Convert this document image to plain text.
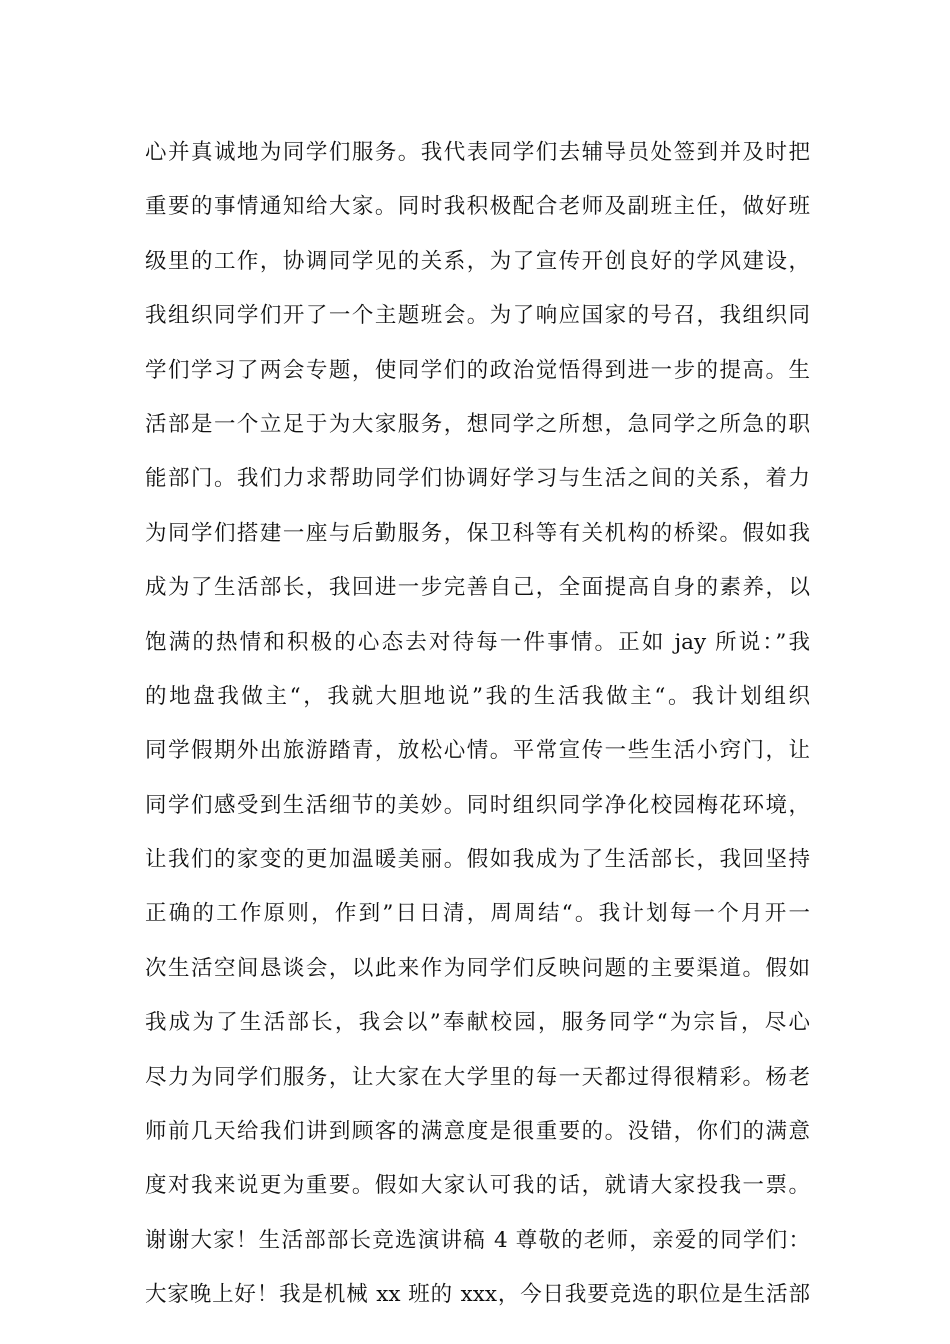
心并真诚地为同学们服务。我代表同学们去辅导员处签到并及时把
重要的事情通知给大家。同时我积极配合老师及副班主任，做好班
级里的工作，协调同学见的关系，为了宣传开创良好的学风建设，
我组织同学们开了一个主题班会。为了响应国家的号召，我组织同
学们学习了两会专题，使同学们的政治觉悟得到进一步的提高。生
活部是一个立足于为大家服务，想同学之所想，急同学之所急的职
能部门。我们力求帮助同学们协调好学习与生活之间的关系，着力
为同学们搭建一座与后勤服务，保卫科等有关机构的桥梁。假如我
成为了生活部长，我回进一步完善自己，全面提高自身的素养，以
饱满的热情和积极的心态去对待每一件事情。正如 jay 所说：”我
的地盘我做主“，我就大胆地说”我的生活我做主“。我计划组织
同学假期外出旅游踏青，放松心情。平常宣传一些生活小窍门，让
同学们感受到生活细节的美妙。同时组织同学净化校园梅花环境，
让我们的家变的更加温暖美丽。假如我成为了生活部长，我回坚持
正确的工作原则，作到”日日清，周周结“。我计划每一个月开一
次生活空间恳谈会，以此来作为同学们反映问题的主要渠道。假如
我成为了生活部长，我会以”奉献校园，服务同学“为宗旨，尽心
尽力为同学们服务，让大家在大学里的每一天都过得很精彩。杨老
师前几天给我们讲到顾客的满意度是很重要的。没错，你们的满意
度对我来说更为重要。假如大家认可我的话，就请大家投我一票。
谢谢大家！生活部部长竞选演讲稿 4 尊敬的老师，亲爱的同学们：
大家晚上好！我是机械 xx 班的 xxx，今日我要竞选的职位是生活部
